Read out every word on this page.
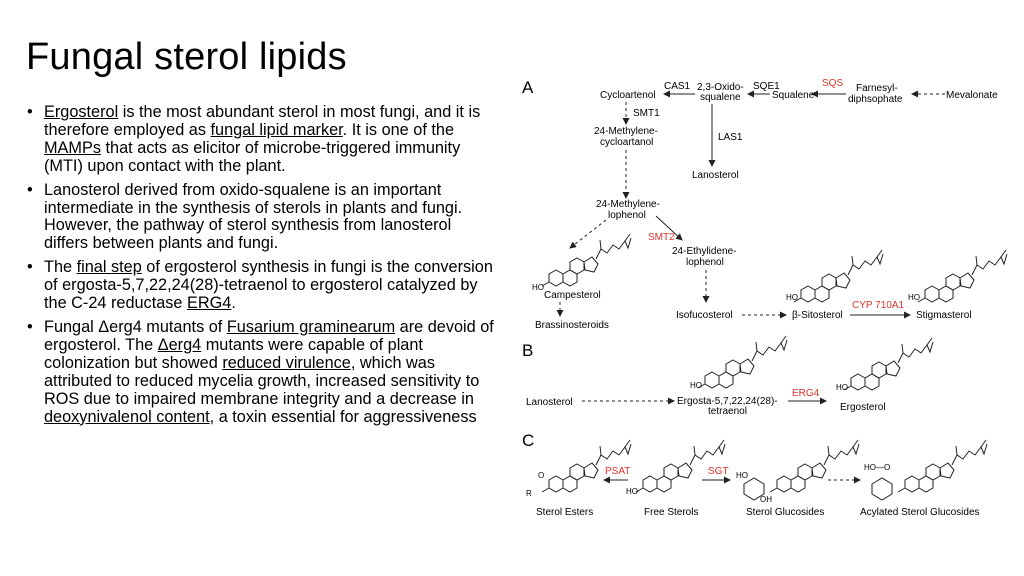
Fungal sterol lipids
• Ergosterol is the most abundant sterol in most fungi, and it is therefore employed as fungal lipid marker. It is one of the MAMPs that acts as elicitor of microbe-triggered immunity (MTI) upon contact with the plant.
• Lanosterol derived from oxido-squalene is an important intermediate in the synthesis of sterols in plants and fungi. However, the pathway of sterol synthesis from lanosterol differs between plants and fungi.
• The final step of ergosterol synthesis in fungi is the conversion of ergosta-5,7,22,24(28)-tetraenol to ergosterol catalyzed by the C-24 reductase ERG4.
• Fungal Δerg4 mutants of Fusarium graminearum are devoid of ergosterol. The Δerg4 mutants were capable of plant colonization but showed reduced virulence, which was attributed to reduced mycelia growth, increased sensitivity to ROS due to impaired membrane integrity and a decrease in deoxynivalenol content, a toxin essential for aggressiveness
A	Mevalonate
Farnesyl-
diphsophate
SQS
Squalene
SQE1
2,3-Oxido-
squalene
CAS1
Cycloartenol
LAS1
Lanosterol
SMT1
24-Methylene-
cycloartanol
24-Methylene-
lophenol
SMT2
24-Ethylidene-
lophenol
HO
Campesterol
Brassinosteroids
Isofucosterol
HO
β-Sitosterol
CYP 710A1
HO
Stigmasterol
B
Lanosterol
HO
Ergosta-5,7,22,24(28)-
tetraenol
ERG4
HO
Ergosterol
C
R
O
Sterol Esters
PSAT
HO
Free Sterols
SGT HO
OH
Sterol Glucosides
HO—O
Acylated Sterol Glucosides
